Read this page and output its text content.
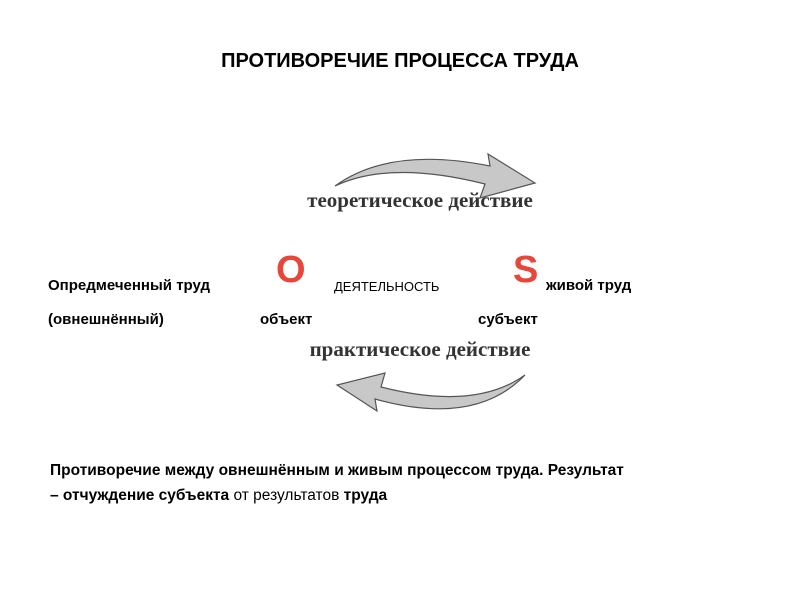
ПРОТИВОРЕЧИЕ ПРОЦЕССА ТРУДА
теоретическое действие
Опредмеченный труд O ДЕЯТЕЛЬНОСТЬ S живой труд
(овнешнённый)	объект	субъект
практическое действие
Противоречие между овнешнённым и живым процессом труда. Результат
– отчуждение субъекта от результатов труда
